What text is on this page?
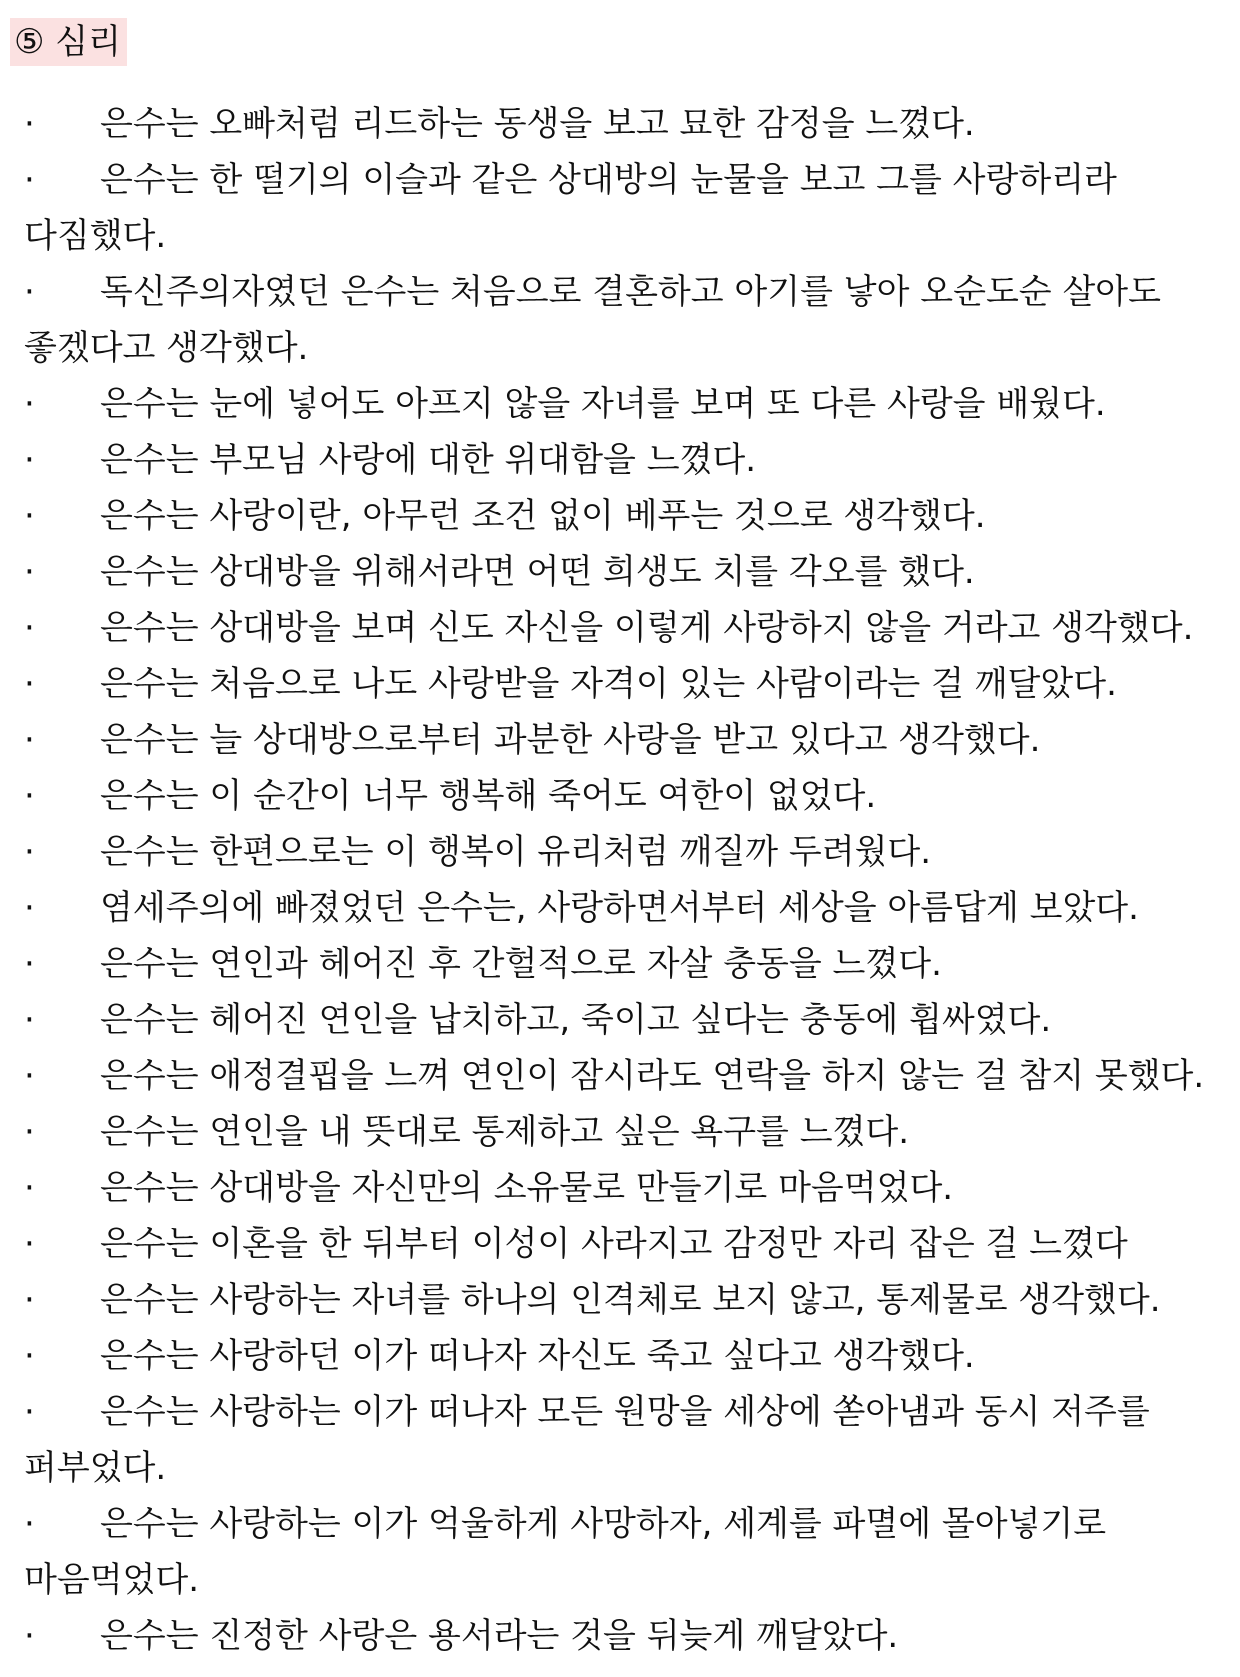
⑤ 심리
· 은수는 오빠처럼 리드하는 동생을 보고 묘한 감정을 느꼈다.
· 은수는 한 떨기의 이슬과 같은 상대방의 눈물을 보고 그를 사랑하리라 다짐했다.
· 독신주의자였던 은수는 처음으로 결혼하고 아기를 낳아 오순도순 살아도 좋겠다고 생각했다.
· 은수는 눈에 넣어도 아프지 않을 자녀를 보며 또 다른 사랑을 배웠다.
· 은수는 부모님 사랑에 대한 위대함을 느꼈다.
· 은수는 사랑이란, 아무런 조건 없이 베푸는 것으로 생각했다.
· 은수는 상대방을 위해서라면 어떤 희생도 치를 각오를 했다.
· 은수는 상대방을 보며 신도 자신을 이렇게 사랑하지 않을 거라고 생각했다.
· 은수는 처음으로 나도 사랑받을 자격이 있는 사람이라는 걸 깨달았다.
· 은수는 늘 상대방으로부터 과분한 사랑을 받고 있다고 생각했다.
· 은수는 이 순간이 너무 행복해 죽어도 여한이 없었다.
· 은수는 한편으로는 이 행복이 유리처럼 깨질까 두려웠다.
· 염세주의에 빠졌었던 은수는, 사랑하면서부터 세상을 아름답게 보았다.
· 은수는 연인과 헤어진 후 간헐적으로 자살 충동을 느꼈다.
· 은수는 헤어진 연인을 납치하고, 죽이고 싶다는 충동에 휩싸였다.
· 은수는 애정결핍을 느껴 연인이 잠시라도 연락을 하지 않는 걸 참지 못했다.
· 은수는 연인을 내 뜻대로 통제하고 싶은 욕구를 느꼈다.
· 은수는 상대방을 자신만의 소유물로 만들기로 마음먹었다.
· 은수는 이혼을 한 뒤부터 이성이 사라지고 감정만 자리 잡은 걸 느꼈다
· 은수는 사랑하는 자녀를 하나의 인격체로 보지 않고, 통제물로 생각했다.
· 은수는 사랑하던 이가 떠나자 자신도 죽고 싶다고 생각했다.
· 은수는 사랑하는 이가 떠나자 모든 원망을 세상에 쏟아냄과 동시 저주를 퍼부었다.
· 은수는 사랑하는 이가 억울하게 사망하자, 세계를 파멸에 몰아넣기로 마음먹었다.
· 은수는 진정한 사랑은 용서라는 것을 뒤늦게 깨달았다.
